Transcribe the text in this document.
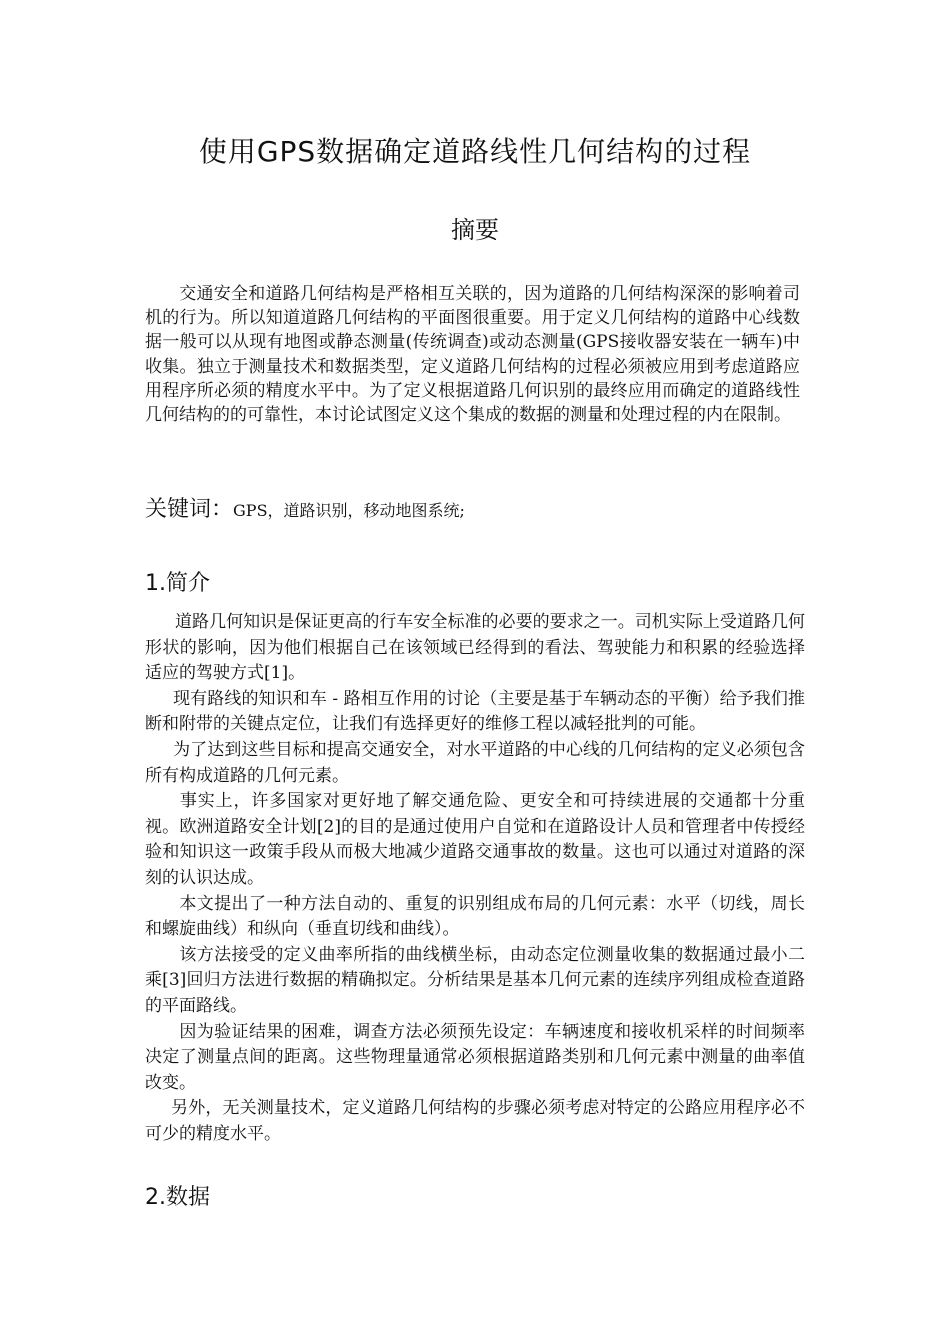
使用GPS数据确定道路线性几何结构的过程
摘要

交通安全和道路几何结构是严格相互关联的，因为道路的几何结构深深的影响着司机的行为。所以知道道路几何结构的平面图很重要。用于定义几何结构的道路中心线数据一般可以从现有地图或静态测量(传统调查)或动态测量(GPS接收器安装在一辆车)中收集。独立于测量技术和数据类型，定义道路几何结构的过程必须被应用到考虑道路应用程序所必须的精度水平中。为了定义根据道路几何识别的最终应用而确定的道路线性几何结构的的可靠性，本讨论试图定义这个集成的数据的测量和处理过程的内在限制。

关键词：GPS，道路识别，移动地图系统;
1.简介

道路几何知识是保证更高的行车安全标准的必要的要求之一。司机实际上受道路几何形状的影响，因为他们根据自己在该领域已经得到的看法、驾驶能力和积累的经验选择适应的驾驶方式[1]。

现有路线的知识和车 - 路相互作用的讨论（主要是基于车辆动态的平衡）给予我们推断和附带的关键点定位，让我们有选择更好的维修工程以减轻批判的可能。

为了达到这些目标和提高交通安全，对水平道路的中心线的几何结构的定义必须包含所有构成道路的几何元素。

事实上，许多国家对更好地了解交通危险、更安全和可持续进展的交通都十分重视。欧洲道路安全计划[2]的目的是通过使用户自觉和在道路设计人员和管理者中传授经验和知识这一政策手段从而极大地减少道路交通事故的数量。这也可以通过对道路的深刻的认识达成。

本文提出了一种方法自动的、重复的识别组成布局的几何元素：水平（切线，周长和螺旋曲线）和纵向（垂直切线和曲线）。

该方法接受的定义曲率所指的曲线横坐标，由动态定位测量收集的数据通过最小二乘[3]回归方法进行数据的精确拟定。分析结果是基本几何元素的连续序列组成检查道路的平面路线。

因为验证结果的困难，调查方法必须预先设定：车辆速度和接收机采样的时间频率决定了测量点间的距离。这些物理量通常必须根据道路类别和几何元素中测量的曲率值改变。

另外，无关测量技术，定义道路几何结构的步骤必须考虑对特定的公路应用程序必不可少的精度水平。

2.数据
